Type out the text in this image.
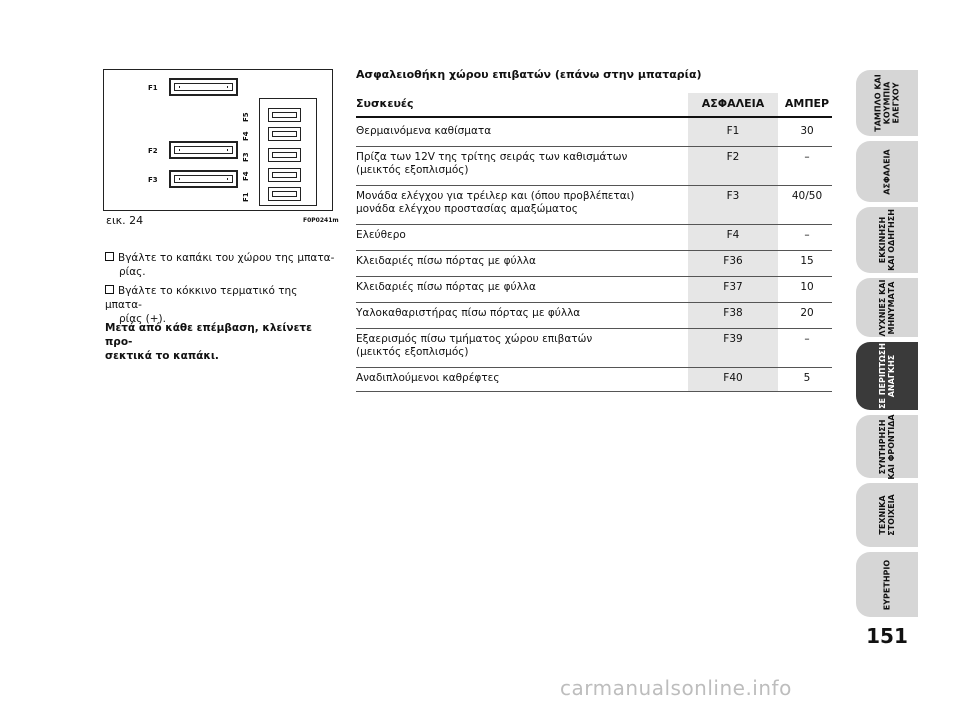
F1
F2
F3
F5
F4
F3
F4
F1
εικ. 24	F0P0241m
Βγάλτε το καπάκι του χώρου της μπατα-
ρίας.
Βγάλτε το κόκκινο τερματικό της μπατα-
ρίας (+).
Μετά από κάθε επέμβαση, κλείνετε προ-
σεκτικά το καπάκι.
Ασφαλειοθήκη χώρου επιβατών (επάνω στην μπαταρία)
Συσκευές	ΑΣΦΑΛΕΙΑ	ΑΜΠΕΡ
Θερμαινόμενα καθίσματα	F1	30
Πρίζα των 12V της τρίτης σειράς των καθισμάτων
(μεικτός εξοπλισμός)
F2	–
Μονάδα ελέγχου για τρέιλερ και (όπου προβλέπεται)
μονάδα ελέγχου προστασίας αμαξώματος
F3	40/50
Ελεύθερο	F4	–
Κλειδαριές πίσω πόρτας με φύλλα	F36	15
Κλειδαριές πίσω πόρτας με φύλλα	F37	10
Υαλοκαθαριστήρας πίσω πόρτας με φύλλα	F38	20
Εξαερισμός πίσω τμήματος χώρου επιβατών
(μεικτός εξοπλισμός)
F39	–
Αναδιπλούμενοι καθρέφτες	F40	5
ΤΑΜΠΛΟ ΚΑΙ
ΚΟΥΜΠΙΑ
ΕΛΕΓΧΟΥ
ΑΣΦΑΛΕΙΑ
ΕΚΚΙΝΗΣΗ
ΚΑΙ ΟΔΗΓΗΣΗ
ΛΥΧΝΙΕΣ ΚΑΙ
ΜΗΝΥΜΑΤΑ
ΣΕ ΠΕΡΙΠΤΩΣΗ
ΑΝΑΓΚΗΣ
ΣΥΝΤΗΡΗΣΗ
ΚΑΙ ΦΡΟΝΤΙΔΑ
ΤΕΧΝΙΚΑ
ΣΤΟΙΧΕΙΑ
ΕΥΡΕΤΗΡΙΟ
151
carmanualsonline.info
